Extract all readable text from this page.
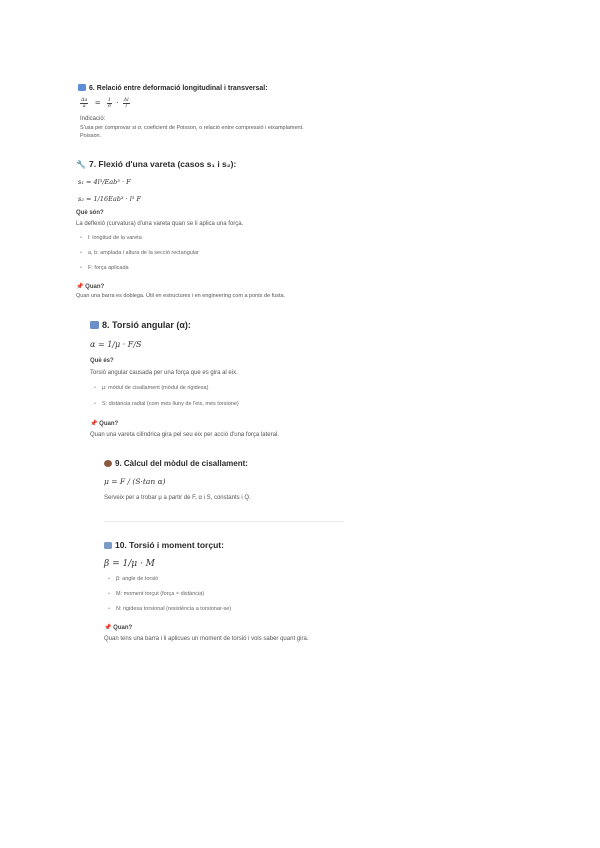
6. Relació entre deformació longitudinal i transversal:
$\frac{\Delta a}{a} = \frac{1}{\sigma} \cdot \frac{\Delta l}{l}$
Indicació:
S'usa per comprovar si σ, coeficient de Poisson, o relació entre compressió i eixamplament.
Poisson.
🔧 7. Flexió d'una vareta (casos s₁ i s₂):
s₁ = 4l³/Eab³ · F
s₂ = 1/16Eab³ · l³ F
Què són?
La deflexió (curvatura) d'una vareta quan se li aplica una força.
• l: longitud de la vareta
• a, b: amplada i altura de la secció rectangular
• F: força aplicada
📌 Quan?
Quan una barra es doblega. Útil en estructures i en engineering com a ponts de fusta.
8. Torsió angular (α):
α = 1/μ · F/S
Què és?
Torsió angular causada per una força que es gira al eix.
• μ: mòdul de cisallament (mòdul de rigidesa)
• S: distància radial (com més lluny de l'eix, més torsione)
📌 Quan?
Quan una vareta cilíndrica gira pel seu eix per acció d'una força lateral.
9. Càlcul del mòdul de cisallament:
μ = F / (S·tan α)
Serveix per a trobar μ a partir de F, α i S, constants i Q.
10. Torsió i moment torçut:
β = 1/μ · M
• β: angle de torsió
• M: moment torçut (força × distància)
• N: rigidesa torsional (resistència a torsionar-se)
📌 Quan?
Quan tens una barra i li aplicues un moment de torsió i vols saber quant gira.
